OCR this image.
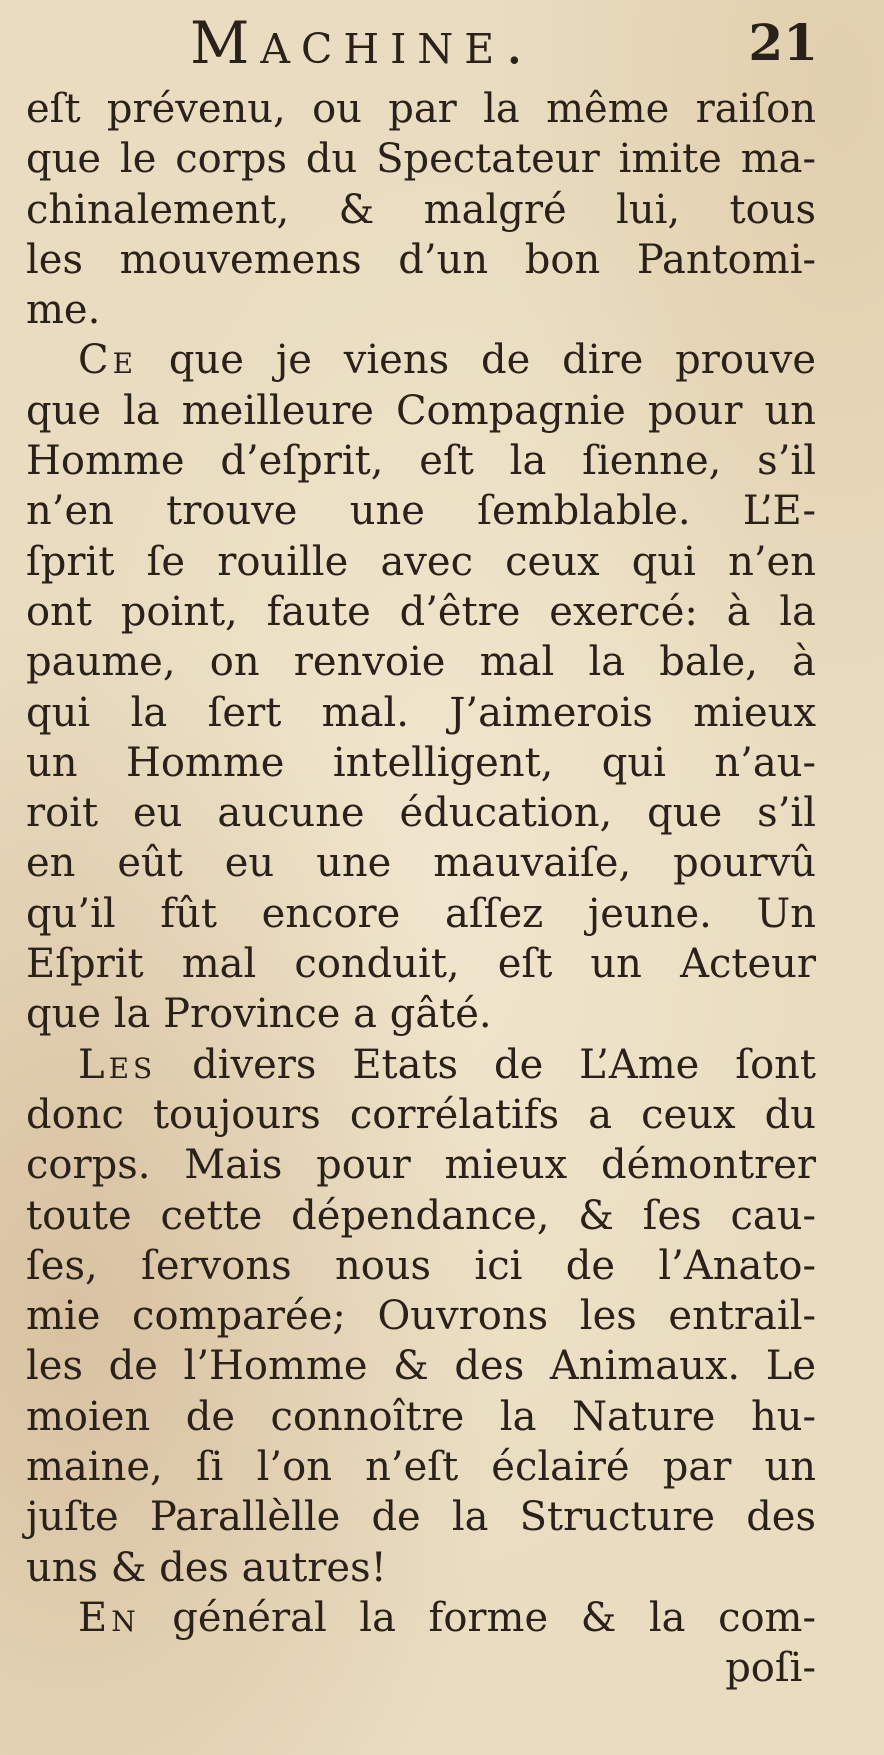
Machine.	21
eſt prévenu, ou par la même raiſon
que le corps du Spectateur imite ma-
chinalement, & malgré lui, tous
les mouvemens d’un bon Pantomi-
me.
Ce que je viens de dire prouve
que la meilleure Compagnie pour un
Homme d’eſprit, eſt la ſienne, s’il
n’en trouve une ſemblable. L’E-
ſprit ſe rouille avec ceux qui n’en
ont point, faute d’être exercé: à la
paume, on renvoie mal la bale, à
qui la ſert mal. J’aimerois mieux
un Homme intelligent, qui n’au-
roit eu aucune éducation, que s’il
en eût eu une mauvaiſe, pourvû
qu’il fût encore aſſez jeune. Un
Eſprit mal conduit, eſt un Acteur
que la Province a gâté.
Les divers Etats de L’Ame ſont
donc toujours corrélatifs a ceux du
corps. Mais pour mieux démontrer
toute cette dépendance, & ſes cau-
ſes, ſervons nous ici de l’Anato-
mie comparée; Ouvrons les entrail-
les de l’Homme & des Animaux. Le
moien de connoître la Nature hu-
maine, ſi l’on n’eſt éclairé par un
juſte Parallèlle de la Structure des
uns & des autres!
En général la forme & la com-
poſi-
